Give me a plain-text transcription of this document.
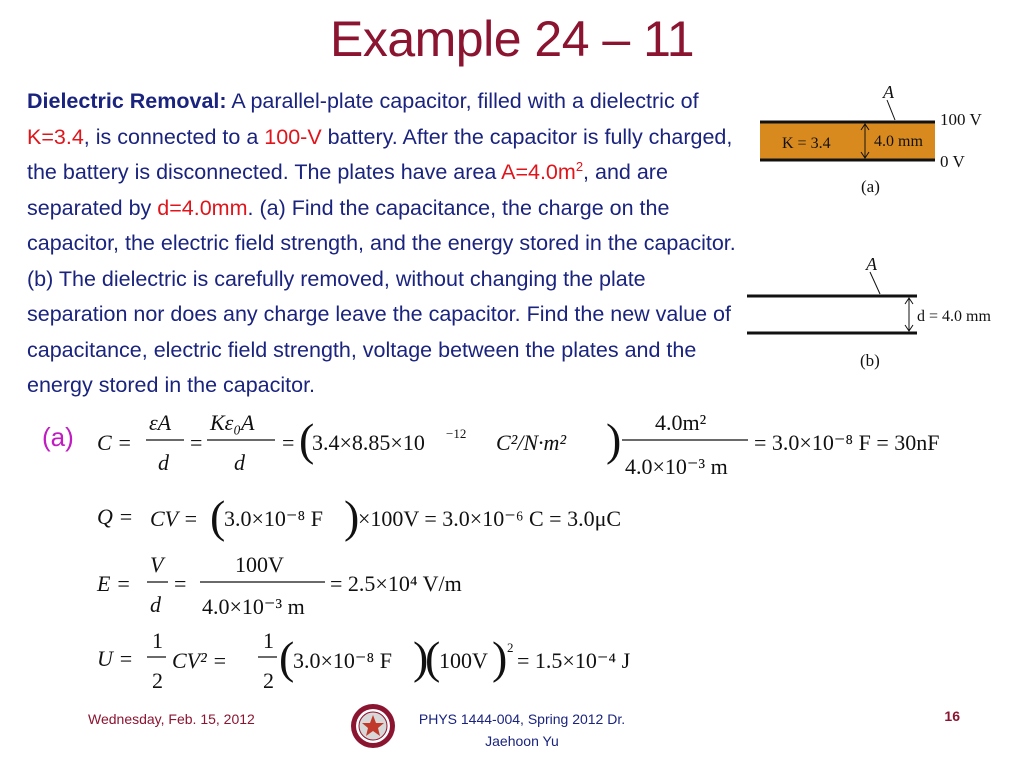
Example 24 – 11
Dielectric Removal: A parallel-plate capacitor, filled with a dielectric of K=3.4, is connected to a 100-V battery. After the capacitor is fully charged, the battery is disconnected. The plates have area $A=4.0m^2$, and are separated by d=4.0mm. (a) Find the capacitance, the charge on the capacitor, the electric field strength, and the energy stored in the capacitor. (b) The dielectric is carefully removed, without changing the plate separation nor does any charge leave the capacitor. Find the new value of capacitance, electric field strength, voltage between the plates and the energy stored in the capacitor.
A
K = 3.4	4.0 mm
100 V
0 V
(a)
A
d = 4.0 mm
(b)
(a) C =
εA
d
=
Kε₀A
d
= (
3.4×8.85×10 −12 C²/N·m² ) 4.0m²
4.0×10⁻³ m
= 3.0×10⁻⁸ F = 30nF
Q = CV = (
3.0×10⁻⁸ F )
×100V = 3.0×10⁻⁶ C = 3.0μC
E =
V
d
=
100V
4.0×10⁻³ m
= 2.5×10⁴ V/m
U =
1
2
CV² =
1
2 (
3.0×10⁻⁸ F )
(
100V ) 2
= 1.5×10⁻⁴ J
Wednesday, Feb. 15, 2012	PHYS 1444-004, Spring 2012 Dr. Jaehoon Yu
16
